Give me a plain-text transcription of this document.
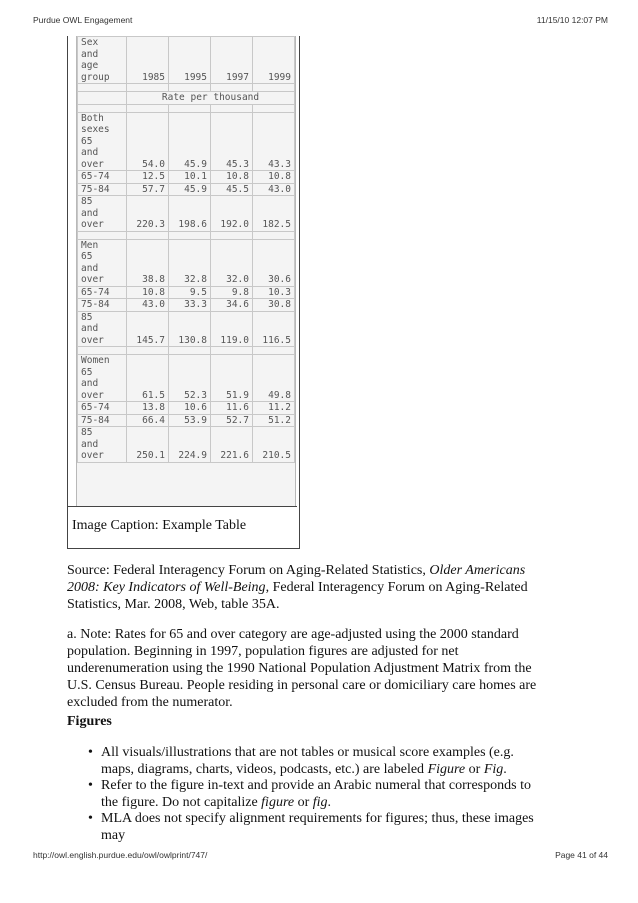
Purdue OWL Engagement	11/15/10 12:07 PM
Sex
and
age
group	1985	1995	1997	1999

	Rate per thousand			

Both
sexes
65
and
over	54.0	45.9	45.3	43.3
65-74	12.5	10.1	10.8	10.8
75-84	57.7	45.9	45.5	43.0
85
and
over	220.3	198.6	192.0	182.5

Men
65
and
over	38.8	32.8	32.0	30.6
65-74	10.8	9.5	9.8	10.3
75-84	43.0	33.3	34.6	30.8
85
and
over	145.7	130.8	119.0	116.5

Women
65
and
over	61.5	52.3	51.9	49.8
65-74	13.8	10.6	11.6	11.2
75-84	66.4	53.9	52.7	51.2
85
and
over	250.1	224.9	221.6	210.5
Image Caption: Example Table

Source: Federal Interagency Forum on Aging-Related Statistics, Older Americans 2008: Key Indicators of Well-Being, Federal Interagency Forum on Aging-Related Statistics, Mar. 2008, Web, table 35A.

a. Note: Rates for 65 and over category are age-adjusted using the 2000 standard population. Beginning in 1997, population figures are adjusted for net underenumeration using the 1990 National Population Adjustment Matrix from the U.S. Census Bureau. People residing in personal care or domiciliary care homes are excluded from the numerator.

Figures
• All visuals/illustrations that are not tables or musical score examples (e.g. maps, diagrams, charts, videos, podcasts, etc.) are labeled Figure or Fig.
• Refer to the figure in-text and provide an Arabic numeral that corresponds to the figure. Do not capitalize figure or fig.
• MLA does not specify alignment requirements for figures; thus, these images may
http://owl.english.purdue.edu/owl/owlprint/747/	Page 41 of 44
